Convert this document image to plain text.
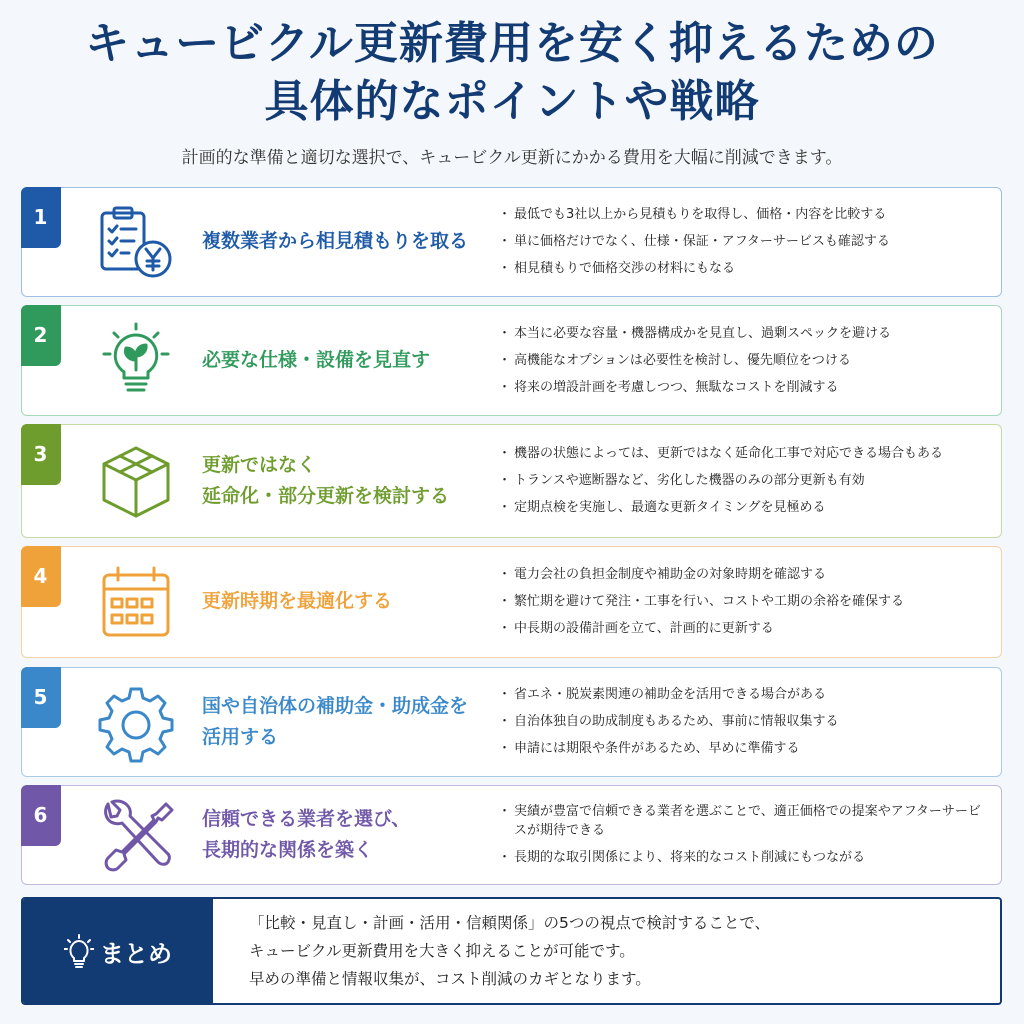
キュービクル更新費用を安く抑えるための
具体的なポイントや戦略

計画的な準備と適切な選択で、キュービクル更新にかかる費用を大幅に削減できます。

1
複数業者から相見積もりを取る
・ 最低でも3社以上から見積もりを取得し、価格・内容を比較する
・ 単に価格だけでなく、仕様・保証・アフターサービスも確認する
・ 相見積もりで価格交渉の材料にもなる
2
必要な仕様・設備を見直す
・ 本当に必要な容量・機器構成かを見直し、過剰スペックを避ける
・ 高機能なオプションは必要性を検討し、優先順位をつける
・ 将来の増設計画を考慮しつつ、無駄なコストを削減する
3	更新ではなく
延命化・部分更新を検討する
・ 機器の状態によっては、更新ではなく延命化工事で対応できる場合もある
・ トランスや遮断器など、劣化した機器のみの部分更新も有効
・ 定期点検を実施し、最適な更新タイミングを見極める
4
更新時期を最適化する
・ 電力会社の負担金制度や補助金の対象時期を確認する
・ 繁忙期を避けて発注・工事を行い、コストや工期の余裕を確保する
・ 中長期の設備計画を立て、計画的に更新する
5	国や自治体の補助金・助成金を
活用する
・ 省エネ・脱炭素関連の補助金を活用できる場合がある
・ 自治体独自の助成制度もあるため、事前に情報収集する
・ 申請には期限や条件があるため、早めに準備する
6	信頼できる業者を選び、
長期的な関係を築く
・ 実績が豊富で信頼できる業者を選ぶことで、適正価格での提案やアフターサービスが期待できる
・ 長期的な取引関係により、将来的なコスト削減にもつながる
まとめ
「比較・見直し・計画・活用・信頼関係」の5つの視点で検討することで、
キュービクル更新費用を大きく抑えることが可能です。
早めの準備と情報収集が、コスト削減のカギとなります。
